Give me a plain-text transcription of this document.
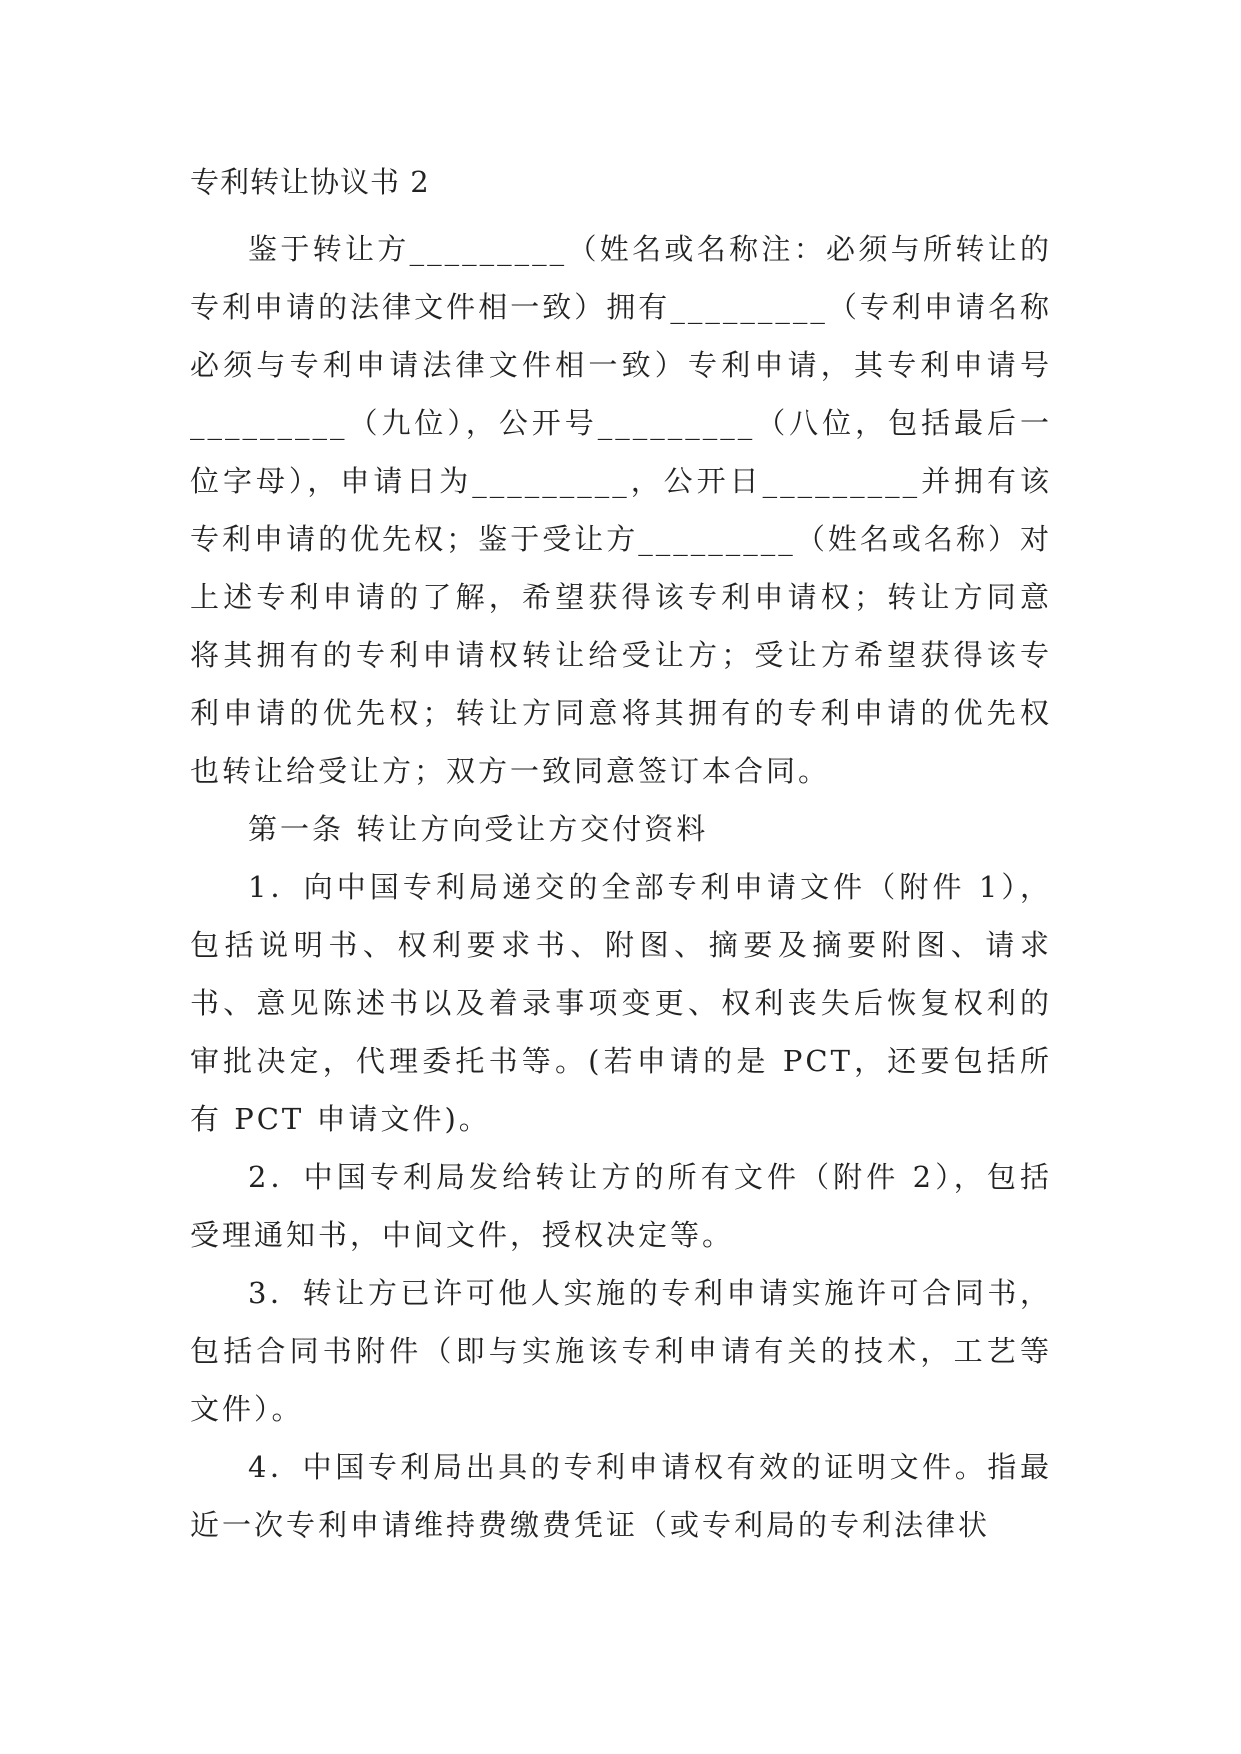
专利转让协议书 2

鉴于转让方_________（姓名或名称注：必须与所转让的专利申请的法律文件相一致）拥有_________（专利申请名称必须与专利申请法律文件相一致）专利申请，其专利申请号_________（九位），公开号_________（八位，包括最后一位字母），申请日为_________，公开日_________并拥有该专利申请的优先权；鉴于受让方_________（姓名或名称）对上述专利申请的了解，希望获得该专利申请权；转让方同意将其拥有的专利申请权转让给受让方；受让方希望获得该专利申请的优先权；转让方同意将其拥有的专利申请的优先权也转让给受让方；双方一致同意签订本合同。

第一条 转让方向受让方交付资料

1．向中国专利局递交的全部专利申请文件（附件 1），包括说明书、权利要求书、附图、摘要及摘要附图、请求书、意见陈述书以及着录事项变更、权利丧失后恢复权利的审批决定，代理委托书等。(若申请的是 PCT，还要包括所有 PCT 申请文件)。

2．中国专利局发给转让方的所有文件（附件 2），包括受理通知书，中间文件，授权决定等。

3．转让方已许可他人实施的专利申请实施许可合同书，包括合同书附件（即与实施该专利申请有关的技术，工艺等文件）。

4．中国专利局出具的专利申请权有效的证明文件。指最近一次专利申请维持费缴费凭证（或专利局的专利法律状
